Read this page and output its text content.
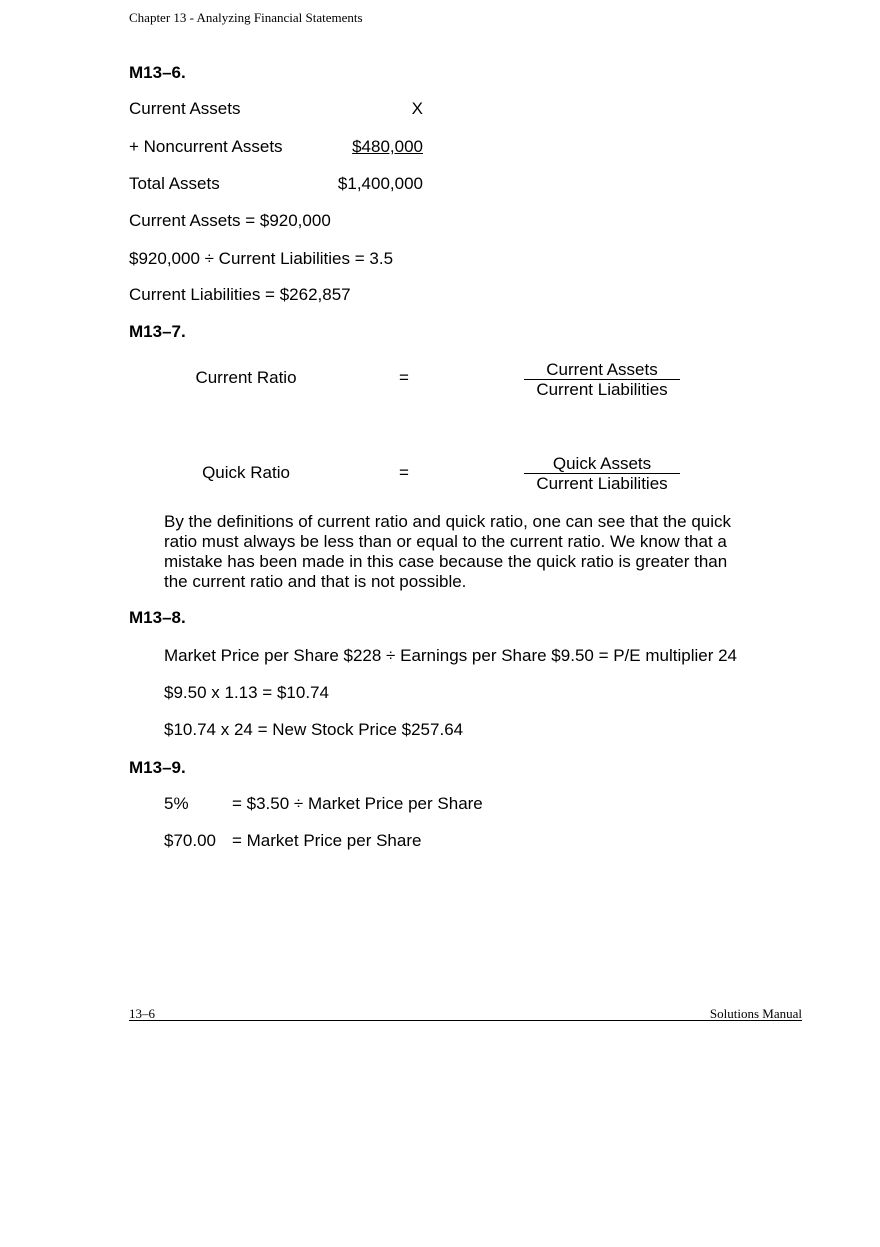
Chapter 13 - Analyzing Financial Statements
M13–6.
Current Assets	X
+ Noncurrent Assets	$480,000
Total Assets	$1,400,000
Current Assets = $920,000
$920,000 ÷ Current Liabilities = 3.5
Current Liabilities = $262,857
M13–7.
Current Ratio	=	Current Assets
Current Liabilities
Quick Ratio	=	Quick Assets
Current Liabilities
By the definitions of current ratio and quick ratio, one can see that the quick ratio must always be less than or equal to the current ratio. We know that a mistake has been made in this case because the quick ratio is greater than the current ratio and that is not possible.
M13–8.
Market Price per Share $228 ÷ Earnings per Share $9.50 = P/E multiplier 24
$9.50 x 1.13 = $10.74
$10.74 x 24 = New Stock Price $257.64
M13–9.
5%	= $3.50 ÷ Market Price per Share
$70.00 = Market Price per Share
13–6	Solutions Manual
